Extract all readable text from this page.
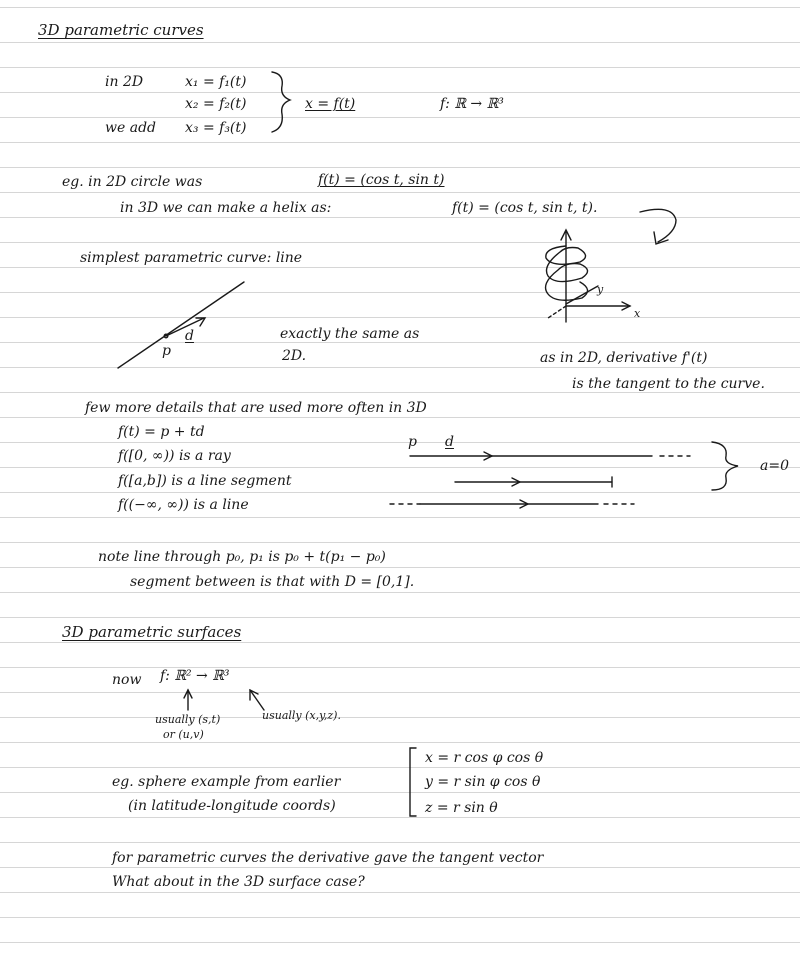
3D parametric curves
in 2D	x₁ = f₁(t)
x₂ = f₂(t)
we add x₃ = f₃(t)
x = f(t)	f: ℝ → ℝ³
eg. in 2D circle was	f(t) = (cos t, sin t)
in 3D we can make a helix as:	f(t) = (cos t, sin t, t).
simplest parametric curve: line
p
d	exactly the same as
2D.
y
x
as in 2D, derivative f'(t)
is the tangent to the curve.
few more details that are used more often in 3D
f(t) = p + td
f([0, ∞)) is a ray
f([a,b]) is a line segment
f((−∞, ∞)) is a line
p d
a=0
note line through p₀, p₁ is p₀ + t(p₁ − p₀)
segment between is that with D = [0,1].
3D parametric surfaces
now f: ℝ² → ℝ³
usually (s,t)
or (u,v)
usually (x,y,z).
x = r cos φ cos θ
y = r sin φ cos θ
z = r sin θ
eg. sphere example from earlier
(in latitude-longitude coords)
for parametric curves the derivative gave the tangent vector
What about in the 3D surface case?
